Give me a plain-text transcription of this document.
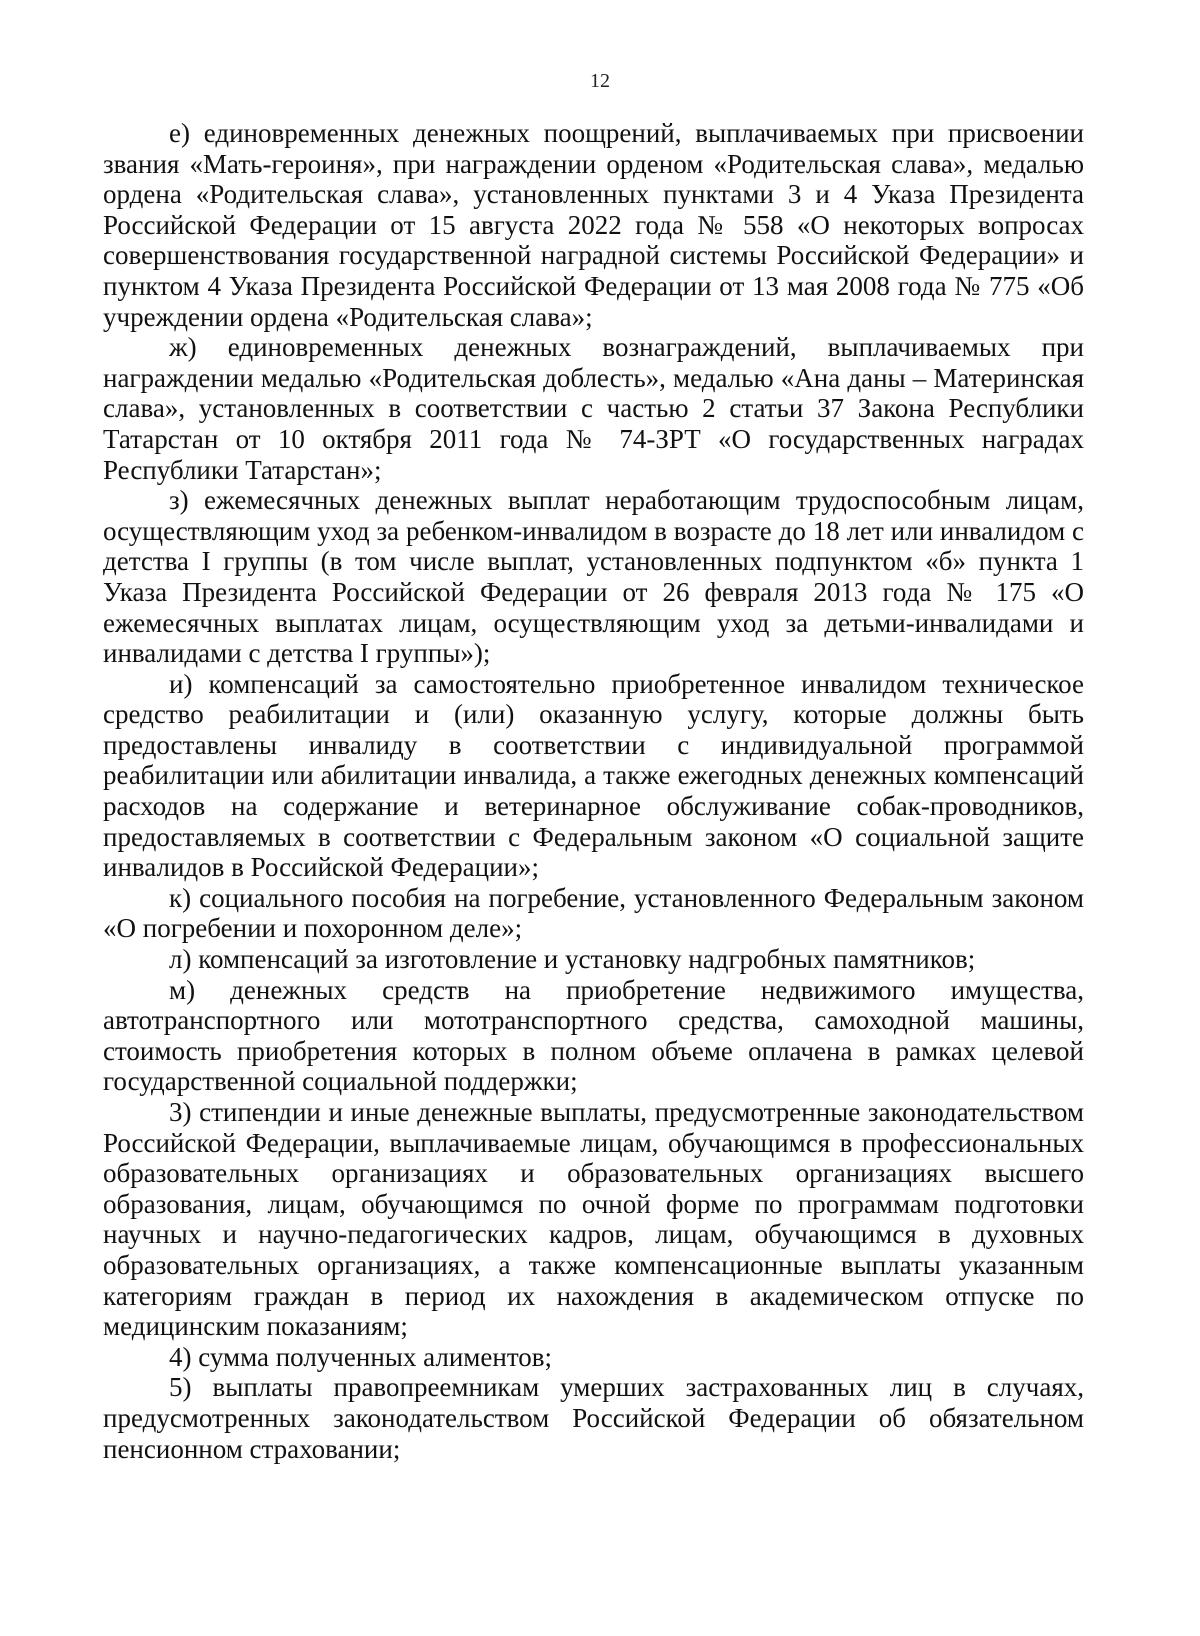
12

е) единовременных денежных поощрений, выплачиваемых при присвоении звания «Мать-героиня», при награждении орденом «Родительская слава», медалью ордена «Родительская слава», установленных пунктами 3 и 4 Указа Президента Российской Федерации от 15 августа 2022 года № 558 «О некоторых вопросах совершенствования государственной наградной системы Российской Федерации» и пунктом 4 Указа Президента Российской Федерации от 13 мая 2008 года № 775 «Об учреждении ордена «Родительская слава»;

ж) единовременных денежных вознаграждений, выплачиваемых при награждении медалью «Родительская доблесть», медалью «Ана даны – Материнская слава», установленных в соответствии с частью 2 статьи 37 Закона Республики Татарстан от 10 октября 2011 года № 74-ЗРТ «О государственных наградах Республики Татарстан»;

з) ежемесячных денежных выплат неработающим трудоспособным лицам, осуществляющим уход за ребенком-инвалидом в возрасте до 18 лет или инвалидом с детства I группы (в том числе выплат, установленных подпунктом «б» пункта 1 Указа Президента Российской Федерации от 26 февраля 2013 года № 175 «О ежемесячных выплатах лицам, осуществляющим уход за детьми-инвалидами и инвалидами с детства I группы»);

и) компенсаций за самостоятельно приобретенное инвалидом техническое средство реабилитации и (или) оказанную услугу, которые должны быть предоставлены инвалиду в соответствии с индивидуальной программой реабилитации или абилитации инвалида, а также ежегодных денежных компенсаций расходов на содержание и ветеринарное обслуживание собак-проводников, предоставляемых в соответствии с Федеральным законом «О социальной защите инвалидов в Российской Федерации»;

к) социального пособия на погребение, установленного Федеральным законом «О погребении и похоронном деле»;

л) компенсаций за изготовление и установку надгробных памятников;

м) денежных средств на приобретение недвижимого имущества, автотранспортного или мототранспортного средства, самоходной машины, стоимость приобретения которых в полном объеме оплачена в рамках целевой государственной социальной поддержки;

3) стипендии и иные денежные выплаты, предусмотренные законодательством Российской Федерации, выплачиваемые лицам, обучающимся в профессиональных образовательных организациях и образовательных организациях высшего образования, лицам, обучающимся по очной форме по программам подготовки научных и научно-педагогических кадров, лицам, обучающимся в духовных образовательных организациях, а также компенсационные выплаты указанным категориям граждан в период их нахождения в академическом отпуске по медицинским показаниям;

4) сумма полученных алиментов;

5) выплаты правопреемникам умерших застрахованных лиц в случаях, предусмотренных законодательством Российской Федерации об обязательном пенсионном страховании;
